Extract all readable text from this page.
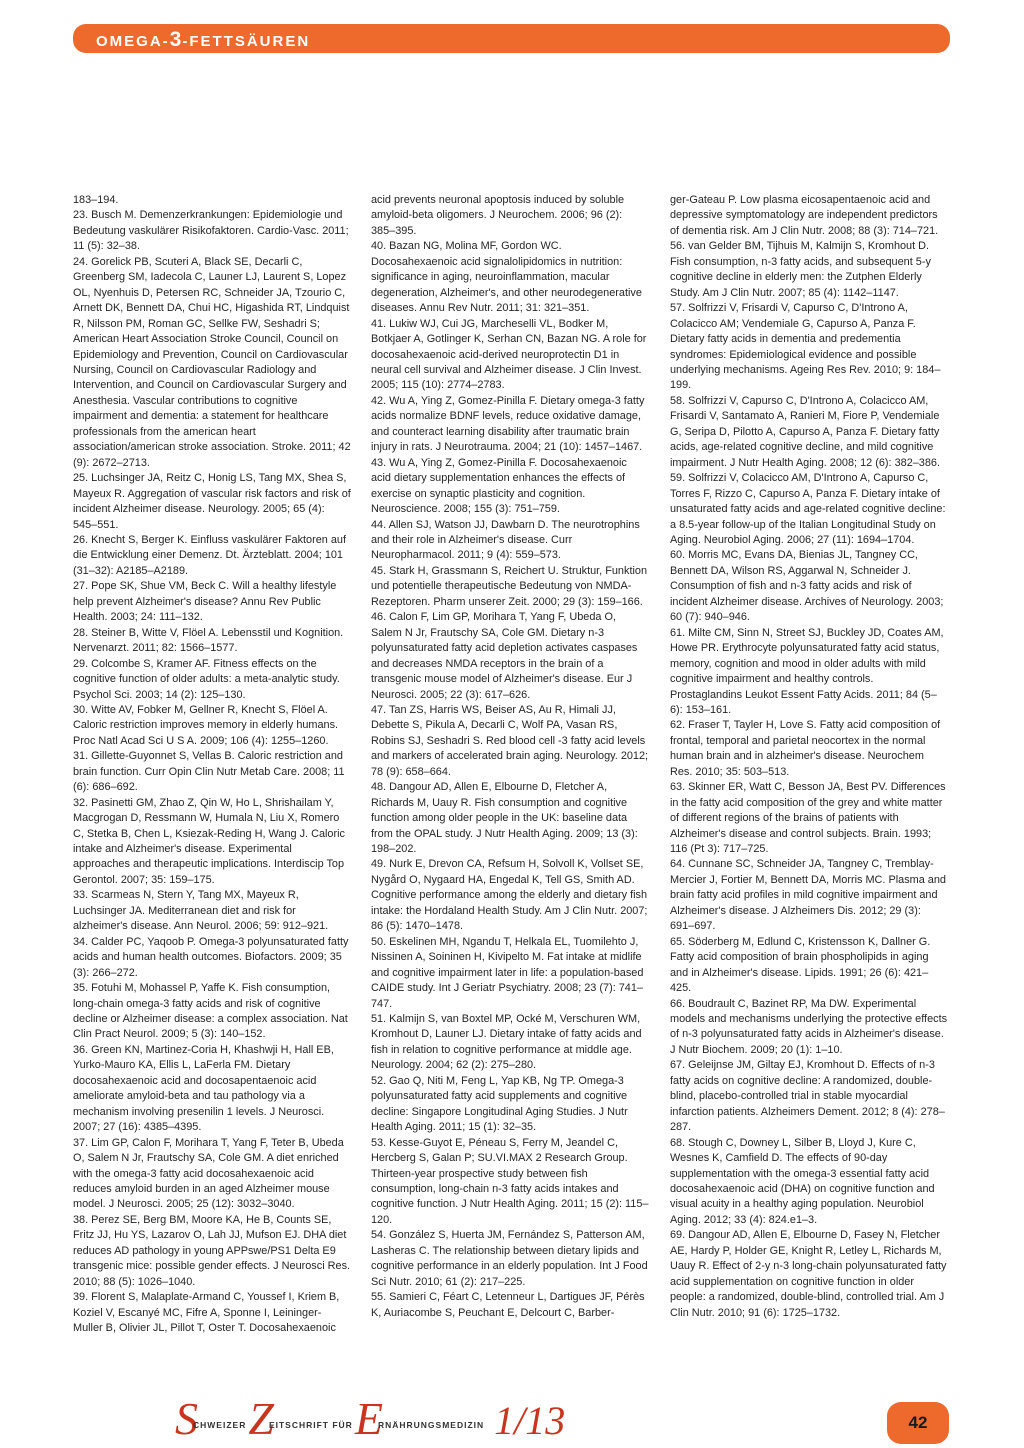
OMEGA-3-FETTSÄUREN

183–194.

23. Busch M. Demenzerkrankungen: Epidemiologie und Bedeutung vaskulärer Risikofaktoren. Cardio-Vasc. 2011; 11 (5): 32–38.

24. Gorelick PB, Scuteri A, Black SE, Decarli C, Greenberg SM, Iadecola C, Launer LJ, Laurent S, Lopez OL, Nyenhuis D, Petersen RC, Schneider JA, Tzourio C, Arnett DK, Bennett DA, Chui HC, Higashida RT, Lindquist R, Nilsson PM, Roman GC, Sellke FW, Seshadri S; American Heart Association Stroke Council, Council on Epidemiology and Prevention, Council on Cardiovascular Nursing, Council on Cardiovascular Radiology and Intervention, and Council on Cardiovascular Surgery and Anesthesia. Vascular contributions to cognitive impairment and dementia: a statement for healthcare professionals from the american heart association/american stroke association. Stroke. 2011; 42 (9): 2672–2713.

25. Luchsinger JA, Reitz C, Honig LS, Tang MX, Shea S, Mayeux R. Aggregation of vascular risk factors and risk of incident Alzheimer disease. Neurology. 2005; 65 (4): 545–551.

26. Knecht S, Berger K. Einfluss vaskulärer Faktoren auf die Entwicklung einer Demenz. Dt. Ärzteblatt. 2004; 101 (31–32): A2185–A2189.

27. Pope SK, Shue VM, Beck C. Will a healthy lifestyle help prevent Alzheimer's disease? Annu Rev Public Health. 2003; 24: 111–132.

28. Steiner B, Witte V, Flöel A. Lebensstil und Kognition. Nervenarzt. 2011; 82: 1566–1577.

29. Colcombe S, Kramer AF. Fitness effects on the cognitive function of older adults: a meta-analytic study. Psychol Sci. 2003; 14 (2): 125–130.

30. Witte AV, Fobker M, Gellner R, Knecht S, Flöel A. Caloric restriction improves memory in elderly humans. Proc Natl Acad Sci U S A. 2009; 106 (4): 1255–1260.

31. Gillette-Guyonnet S, Vellas B. Caloric restriction and brain function. Curr Opin Clin Nutr Metab Care. 2008; 11 (6): 686–692.

32. Pasinetti GM, Zhao Z, Qin W, Ho L, Shrishailam Y, Macgrogan D, Ressmann W, Humala N, Liu X, Romero C, Stetka B, Chen L, Ksiezak-Reding H, Wang J. Caloric intake and Alzheimer's disease. Experimental approaches and therapeutic implications. Interdiscip Top Gerontol. 2007; 35: 159–175.

33. Scarmeas N, Stern Y, Tang MX, Mayeux R, Luchsinger JA. Mediterranean diet and risk for alzheimer's disease. Ann Neurol. 2006; 59: 912–921.

34. Calder PC, Yaqoob P. Omega-3 polyunsaturated fatty acids and human health outcomes. Biofactors. 2009; 35 (3): 266–272.

35. Fotuhi M, Mohassel P, Yaffe K. Fish consumption, long-chain omega-3 fatty acids and risk of cognitive decline or Alzheimer disease: a complex association. Nat Clin Pract Neurol. 2009; 5 (3): 140–152.

36. Green KN, Martinez-Coria H, Khashwji H, Hall EB, Yurko-Mauro KA, Ellis L, LaFerla FM. Dietary docosahexaenoic acid and docosapentaenoic acid ameliorate amyloid-beta and tau pathology via a mechanism involving presenilin 1 levels. J Neurosci. 2007; 27 (16): 4385–4395.

37. Lim GP, Calon F, Morihara T, Yang F, Teter B, Ubeda O, Salem N Jr, Frautschy SA, Cole GM. A diet enriched with the omega-3 fatty acid docosahexaenoic acid reduces amyloid burden in an aged Alzheimer mouse model. J Neurosci. 2005; 25 (12): 3032–3040.

38. Perez SE, Berg BM, Moore KA, He B, Counts SE, Fritz JJ, Hu YS, Lazarov O, Lah JJ, Mufson EJ. DHA diet reduces AD pathology in young APPswe/PS1 Delta E9 transgenic mice: possible gender effects. J Neurosci Res. 2010; 88 (5): 1026–1040.

39. Florent S, Malaplate-Armand C, Youssef I, Kriem B, Koziel V, Escanyé MC, Fifre A, Sponne I, Leininger-Muller B, Olivier JL, Pillot T, Oster T. Docosahexaenoic

acid prevents neuronal apoptosis induced by soluble amyloid-beta oligomers. J Neurochem. 2006; 96 (2): 385–395.

40. Bazan NG, Molina MF, Gordon WC. Docosahexaenoic acid signalolipidomics in nutrition: significance in aging, neuroinflammation, macular degeneration, Alzheimer's, and other neurodegenerative diseases. Annu Rev Nutr. 2011; 31: 321–351.

41. Lukiw WJ, Cui JG, Marcheselli VL, Bodker M, Botkjaer A, Gotlinger K, Serhan CN, Bazan NG. A role for docosahexaenoic acid-derived neuroprotectin D1 in neural cell survival and Alzheimer disease. J Clin Invest. 2005; 115 (10): 2774–2783.

42. Wu A, Ying Z, Gomez-Pinilla F. Dietary omega-3 fatty acids normalize BDNF levels, reduce oxidative damage, and counteract learning disability after traumatic brain injury in rats. J Neurotrauma. 2004; 21 (10): 1457–1467.

43. Wu A, Ying Z, Gomez-Pinilla F. Docosahexaenoic acid dietary supplementation enhances the effects of exercise on synaptic plasticity and cognition. Neuroscience. 2008; 155 (3): 751–759.

44. Allen SJ, Watson JJ, Dawbarn D. The neurotrophins and their role in Alzheimer's disease. Curr Neuropharmacol. 2011; 9 (4): 559–573.

45. Stark H, Grassmann S, Reichert U. Struktur, Funktion und potentielle therapeutische Bedeutung von NMDA-Rezeptoren. Pharm unserer Zeit. 2000; 29 (3): 159–166.

46. Calon F, Lim GP, Morihara T, Yang F, Ubeda O, Salem N Jr, Frautschy SA, Cole GM. Dietary n-3 polyunsaturated fatty acid depletion activates caspases and decreases NMDA receptors in the brain of a transgenic mouse model of Alzheimer's disease. Eur J Neurosci. 2005; 22 (3): 617–626.

47. Tan ZS, Harris WS, Beiser AS, Au R, Himali JJ, Debette S, Pikula A, Decarli C, Wolf PA, Vasan RS, Robins SJ, Seshadri S. Red blood cell -3 fatty acid levels and markers of accelerated brain aging. Neurology. 2012; 78 (9): 658–664.

48. Dangour AD, Allen E, Elbourne D, Fletcher A, Richards M, Uauy R. Fish consumption and cognitive function among older people in the UK: baseline data from the OPAL study. J Nutr Health Aging. 2009; 13 (3): 198–202.

49. Nurk E, Drevon CA, Refsum H, Solvoll K, Vollset SE, Nygård O, Nygaard HA, Engedal K, Tell GS, Smith AD. Cognitive performance among the elderly and dietary fish intake: the Hordaland Health Study. Am J Clin Nutr. 2007; 86 (5): 1470–1478.

50. Eskelinen MH, Ngandu T, Helkala EL, Tuomilehto J, Nissinen A, Soininen H, Kivipelto M. Fat intake at midlife and cognitive impairment later in life: a population-based CAIDE study. Int J Geriatr Psychiatry. 2008; 23 (7): 741–747.

51. Kalmijn S, van Boxtel MP, Ocké M, Verschuren WM, Kromhout D, Launer LJ. Dietary intake of fatty acids and fish in relation to cognitive performance at middle age. Neurology. 2004; 62 (2): 275–280.

52. Gao Q, Niti M, Feng L, Yap KB, Ng TP. Omega-3 polyunsaturated fatty acid supplements and cognitive decline: Singapore Longitudinal Aging Studies. J Nutr Health Aging. 2011; 15 (1): 32–35.

53. Kesse-Guyot E, Péneau S, Ferry M, Jeandel C, Hercberg S, Galan P; SU.VI.MAX 2 Research Group. Thirteen-year prospective study between fish consumption, long-chain n-3 fatty acids intakes and cognitive function. J Nutr Health Aging. 2011; 15 (2): 115–120.

54. González S, Huerta JM, Fernández S, Patterson AM, Lasheras C. The relationship between dietary lipids and cognitive performance in an elderly population. Int J Food Sci Nutr. 2010; 61 (2): 217–225.

55. Samieri C, Féart C, Letenneur L, Dartigues JF, Pérès K, Auriacombe S, Peuchant E, Delcourt C, Barber-

ger-Gateau P. Low plasma eicosapentaenoic acid and depressive symptomatology are independent predictors of dementia risk. Am J Clin Nutr. 2008; 88 (3): 714–721.

56. van Gelder BM, Tijhuis M, Kalmijn S, Kromhout D. Fish consumption, n-3 fatty acids, and subsequent 5-y cognitive decline in elderly men: the Zutphen Elderly Study. Am J Clin Nutr. 2007; 85 (4): 1142–1147.

57. Solfrizzi V, Frisardi V, Capurso C, D'Introno A, Colacicco AM; Vendemiale G, Capurso A, Panza F. Dietary fatty acids in dementia and predementia syndromes: Epidemiological evidence and possible underlying mechanisms. Ageing Res Rev. 2010; 9: 184–199.

58. Solfrizzi V, Capurso C, D'Introno A, Colacicco AM, Frisardi V, Santamato A, Ranieri M, Fiore P, Vendemiale G, Seripa D, Pilotto A, Capurso A, Panza F. Dietary fatty acids, age-related cognitive decline, and mild cognitive impairment. J Nutr Health Aging. 2008; 12 (6): 382–386.

59. Solfrizzi V, Colacicco AM, D'Introno A, Capurso C, Torres F, Rizzo C, Capurso A, Panza F. Dietary intake of unsaturated fatty acids and age-related cognitive decline: a 8.5-year follow-up of the Italian Longitudinal Study on Aging. Neurobiol Aging. 2006; 27 (11): 1694–1704.

60. Morris MC, Evans DA, Bienias JL, Tangney CC, Bennett DA, Wilson RS, Aggarwal N, Schneider J. Consumption of fish and n-3 fatty acids and risk of incident Alzheimer disease. Archives of Neurology. 2003; 60 (7): 940–946.

61. Milte CM, Sinn N, Street SJ, Buckley JD, Coates AM, Howe PR. Erythrocyte polyunsaturated fatty acid status, memory, cognition and mood in older adults with mild cognitive impairment and healthy controls. Prostaglandins Leukot Essent Fatty Acids. 2011; 84 (5–6): 153–161.

62. Fraser T, Tayler H, Love S. Fatty acid composition of frontal, temporal and parietal neocortex in the normal human brain and in alzheimer's disease. Neurochem Res. 2010; 35: 503–513.

63. Skinner ER, Watt C, Besson JA, Best PV. Differences in the fatty acid composition of the grey and white matter of different regions of the brains of patients with Alzheimer's disease and control subjects. Brain. 1993; 116 (Pt 3): 717–725.

64. Cunnane SC, Schneider JA, Tangney C, Tremblay-Mercier J, Fortier M, Bennett DA, Morris MC. Plasma and brain fatty acid profiles in mild cognitive impairment and Alzheimer's disease. J Alzheimers Dis. 2012; 29 (3): 691–697.

65. Söderberg M, Edlund C, Kristensson K, Dallner G. Fatty acid composition of brain phospholipids in aging and in Alzheimer's disease. Lipids. 1991; 26 (6): 421–425.

66. Boudrault C, Bazinet RP, Ma DW. Experimental models and mechanisms underlying the protective effects of n-3 polyunsaturated fatty acids in Alzheimer's disease. J Nutr Biochem. 2009; 20 (1): 1–10.

67. Geleijnse JM, Giltay EJ, Kromhout D. Effects of n-3 fatty acids on cognitive decline: A randomized, double-blind, placebo-controlled trial in stable myocardial infarction patients. Alzheimers Dement. 2012; 8 (4): 278–287.

68. Stough C, Downey L, Silber B, Lloyd J, Kure C, Wesnes K, Camfield D. The effects of 90-day supplementation with the omega-3 essential fatty acid docosahexaenoic acid (DHA) on cognitive function and visual acuity in a healthy aging population. Neurobiol Aging. 2012; 33 (4): 824.e1–3.

69. Dangour AD, Allen E, Elbourne D, Fasey N, Fletcher AE, Hardy P, Holder GE, Knight R, Letley L, Richards M, Uauy R. Effect of 2-y n-3 long-chain polyunsaturated fatty acid supplementation on cognitive function in older people: a randomized, double-blind, controlled trial. Am J Clin Nutr. 2010; 91 (6): 1725–1732.

$S^{CHWEIZER}Z^{EITSCHRIFT FÜR}E^{RNÄHRUNGSMEDIZIN}$ 1/13	42
